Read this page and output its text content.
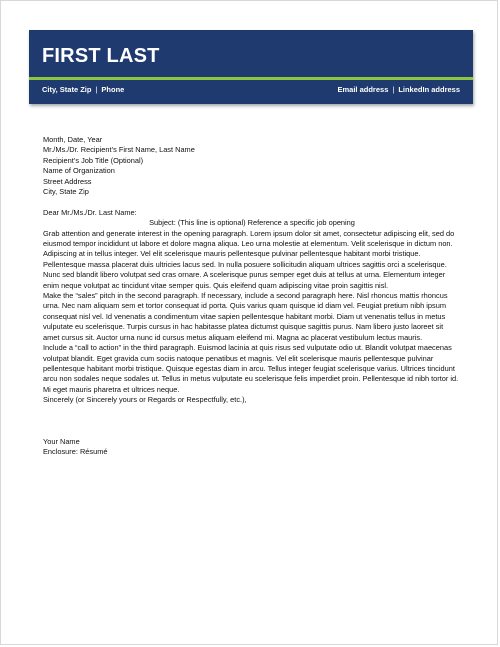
FIRST LAST
City, State Zip | Phone	Email address | LinkedIn address

Month, Date, Year

Mr./Ms./Dr. Recipient’s First Name, Last Name

Recipient’s Job Title (Optional)

Name of Organization

Street Address

City, State Zip

Dear Mr./Ms./Dr. Last Name:

Subject: (This line is optional) Reference a specific job opening

Grab attention and generate interest in the opening paragraph. Lorem ipsum dolor sit amet, consectetur adipiscing elit, sed do eiusmod tempor incididunt ut labore et dolore magna aliqua. Leo urna molestie at elementum. Velit scelerisque in dictum non. Adipiscing at in tellus integer. Vel elit scelerisque mauris pellentesque pulvinar pellentesque habitant morbi tristique. Pellentesque massa placerat duis ultricies lacus sed. In nulla posuere sollicitudin aliquam ultrices sagittis orci a scelerisque. Nunc sed blandit libero volutpat sed cras ornare. A scelerisque purus semper eget duis at tellus at urna. Elementum integer enim neque volutpat ac tincidunt vitae semper quis. Quis eleifend quam adipiscing vitae proin sagittis nisl.

Make the “sales” pitch in the second paragraph. If necessary, include a second paragraph here. Nisl rhoncus mattis rhoncus urna. Nec nam aliquam sem et tortor consequat id porta. Quis varius quam quisque id diam vel. Feugiat pretium nibh ipsum consequat nisl vel. Id venenatis a condimentum vitae sapien pellentesque habitant morbi. Diam ut venenatis tellus in metus vulputate eu scelerisque. Turpis cursus in hac habitasse platea dictumst quisque sagittis purus. Nam libero justo laoreet sit amet cursus sit. Auctor urna nunc id cursus metus aliquam eleifend mi. Magna ac placerat vestibulum lectus mauris.

Include a “call to action” in the third paragraph. Euismod lacinia at quis risus sed vulputate odio ut. Blandit volutpat maecenas volutpat blandit. Eget gravida cum sociis natoque penatibus et magnis. Vel elit scelerisque mauris pellentesque pulvinar pellentesque habitant morbi tristique. Quisque egestas diam in arcu. Tellus integer feugiat scelerisque varius. Ultrices tincidunt arcu non sodales neque sodales ut. Tellus in metus vulputate eu scelerisque felis imperdiet proin. Pellentesque id nibh tortor id. Mi eget mauris pharetra et ultrices neque.

Sincerely (or Sincerely yours or Regards or Respectfully, etc.),

Your Name

Enclosure: Résumé
